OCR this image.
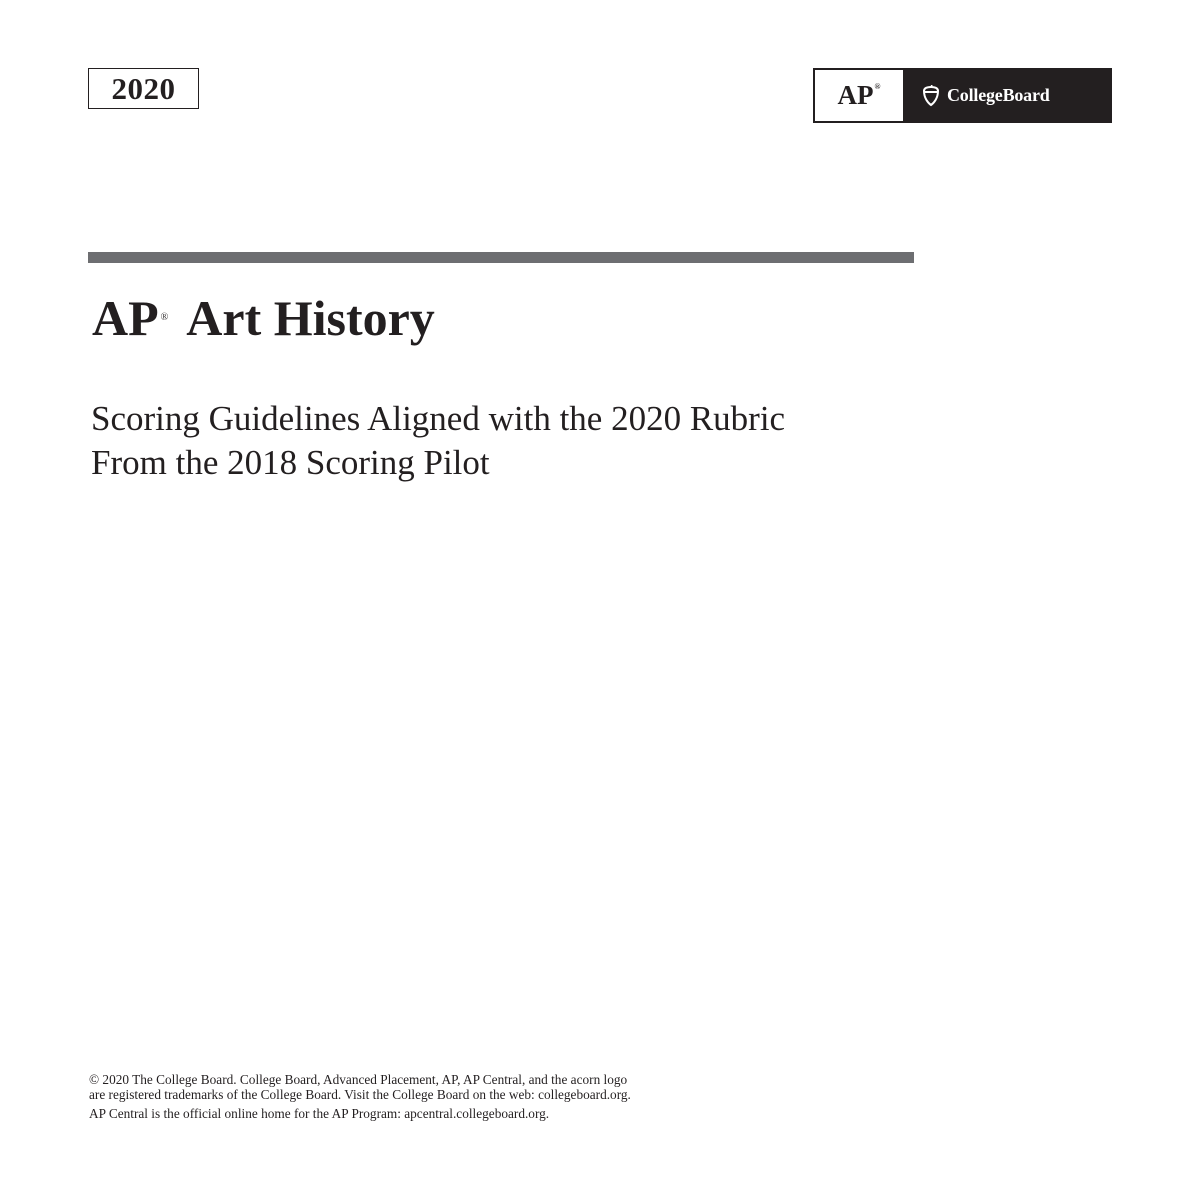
2020	AP®	CollegeBoard
AP ® Art History
Scoring Guidelines Aligned with the 2020 Rubric
From the 2018 Scoring Pilot
© 2020 The College Board. College Board, Advanced Placement, AP, AP Central, and the acorn logo
are registered trademarks of the College Board. Visit the College Board on the web: collegeboard.org.
AP Central is the official online home for the AP Program: apcentral.collegeboard.org.
